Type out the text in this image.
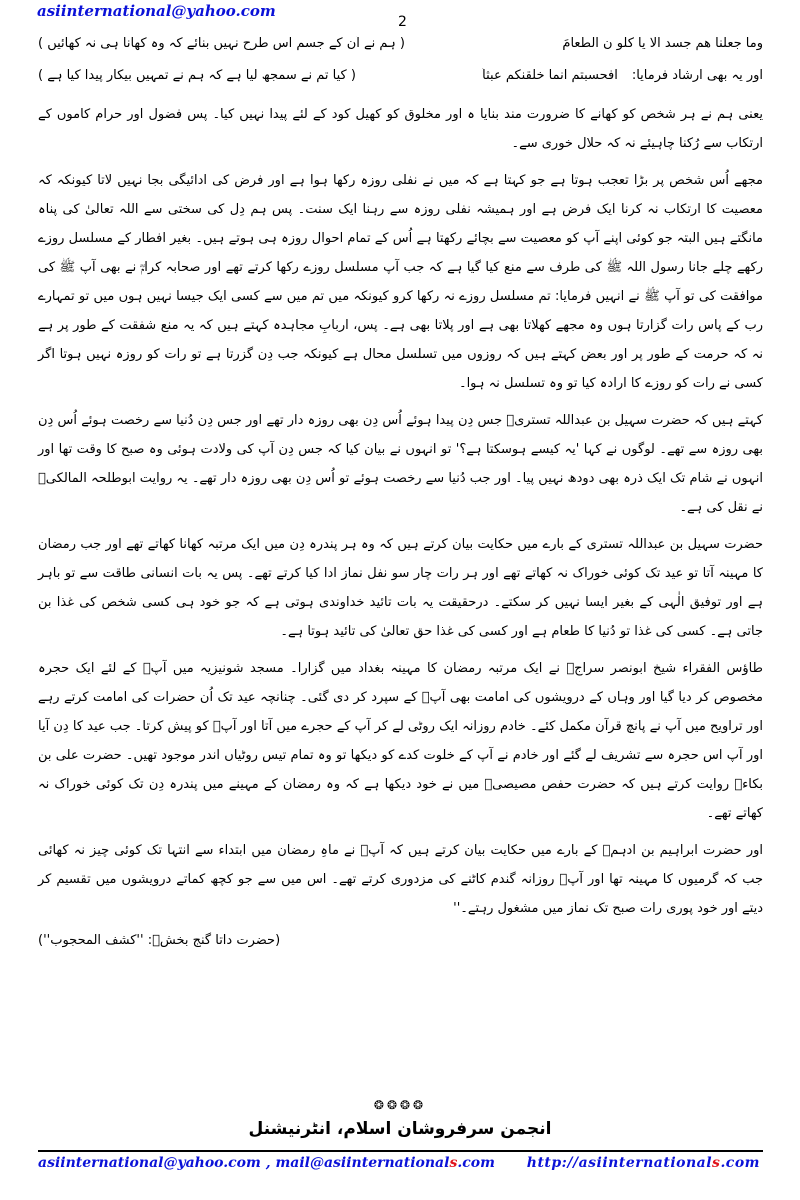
asiinternational@yahoo.com
2
( ہم نے اُن کے جسم اس طرح نہیں بنائے کہ وہ کھانا ہی نہ کھائیں )	وما جعلنا هم جسد الا یا کلو ن الطعامَ
( کیا تم نے سمجھ لیا ہے کہ ہم نے تمہیں بیکار پیدا کیا ہے )	افحسبتم انما خلقنکم عبثاً اور یہ بھی ارشاد فرمایا:

یعنی ہم نے ہر شخص کو کھانے کا ضرورت مند بنایا ہ اور مخلوق کو کھیل کود کے لئے پیدا نہیں کیا۔ پس فضول اور حرام کاموں کے ارتکاب سے رُکنا چاہیئے نہ کہ حلال خوری سے۔

مجھے اُس شخص پر بڑا تعجب ہوتا ہے جو کہتا ہے کہ میں نے نفلی روزہ رکھا ہوا ہے اور فرض کی ادائیگی بجا نہیں لاتا کیونکہ کہ معصیت کا ارتکاب نہ کرنا ایک فرض ہے اور ہمیشہ نفلی روزہ سے رہنا ایک سنت۔ پس ہم دِل کی سختی سے اللہ تعالیٰ کی پناہ مانگتے ہیں البتہ جو کوئی اپنے آپ کو معصیت سے بچائے رکھتا ہے اُس کے تمام احوال روزہ ہی ہوتے ہیں۔ بغیر افطار کے مسلسل روزے رکھے چلے جانا رسول اللہ ﷺ کی طرف سے منع کیا گیا ہے کہ جب آپ مسلسل روزے رکھا کرتے تھے اور صحابہ کرامؓ نے بھی آپ ﷺ کی موافقت کی تو آپ ﷺ نے انہیں فرمایا: تم مسلسل روزے نہ رکھا کرو کیونکہ میں تم میں سے کسی ایک جیسا نہیں ہوں میں تو تمہارے رب کے پاس رات گزارتا ہوں وہ مجھے کھلاتا بھی ہے اور پلاتا بھی ہے۔ پس، اربابِ مجاہدہ کہتے ہیں کہ یہ منع شفقت کے طور پر ہے نہ کہ حرمت کے طور پر اور بعض کہتے ہیں کہ روزوں میں تسلسل محال ہے کیونکہ جب دِن گزرتا ہے تو رات کو روزہ نہیں ہوتا اگر کسی نے رات کو روزے کا ارادہ کیا تو وہ تسلسل نہ ہوا۔

کہتے ہیں کہ حضرت سہیل بن عبداللہ تستریؒ جس دِن پیدا ہوئے اُس دِن بھی روزہ دار تھے اور جس دِن دُنیا سے رخصت ہوئے اُس دِن بھی روزہ سے تھے۔ لوگوں نے کہا 'یہ کیسے ہوسکتا ہے؟' تو انہوں نے بیان کیا کہ جس دِن آپ کی ولادت ہوئی وہ صبح کا وقت تھا اور انہوں نے شام تک ایک ذرہ بھی دودھ نہیں پیا۔ اور جب دُنیا سے رخصت ہوئے تو اُس دِن بھی روزہ دار تھے۔ یہ روایت ابوطلحہ المالکیؒ نے نقل کی ہے۔

حضرت سہیل بن عبداللہ تستری کے بارے میں حکایت بیان کرتے ہیں کہ وہ ہر پندرہ دِن میں ایک مرتبہ کھانا کھاتے تھے اور جب رمضان کا مہینہ آتا تو عید تک کوئی خوراک نہ کھاتے تھے اور ہر رات چار سو نفل نماز ادا کیا کرتے تھے۔ پس یہ بات انسانی طاقت سے تو باہر ہے اور توفیق الٰہی کے بغیر ایسا نہیں کر سکتے۔ درحقیقت یہ بات تائید خداوندی ہوتی ہے کہ جو خود ہی کسی شخص کی غذا بن جاتی ہے۔ کسی کی غذا تو دُنیا کا طعام ہے اور کسی کی غذا حق تعالیٰ کی تائید ہوتا ہے۔

طاؤس الفقراء شیخ ابونصر سراجؒ نے ایک مرتبہ رمضان کا مہینہ بغداد میں گزارا۔ مسجد شونیزیہ میں آپؒ کے لئے ایک حجرہ مخصوص کر دیا گیا اور وہاں کے درویشوں کی امامت بھی آپؒ کے سپرد کر دی گئی۔ چنانچہ عید تک اُن حضرات کی امامت کرتے رہے اور تراویح میں آپ نے پانچ قرآن مکمل کئے۔ خادم روزانہ ایک روٹی لے کر آپ کے حجرے میں آتا اور آپؒ کو پیش کرتا۔ جب عید کا دِن آیا اور آپ اس حجرہ سے تشریف لے گئے اور خادم نے آپ کے خلوت کدے کو دیکھا تو وہ تمام تیس روٹیاں اندر موجود تھیں۔ حضرت علی بن بکاءؒ روایت کرتے ہیں کہ حضرت حفص مصیصیؒ میں نے خود دیکھا ہے کہ وہ رمضان کے مہینے میں پندرہ دِن تک کوئی خوراک نہ کھاتے تھے۔

اور حضرت ابراہیم بن ادہمؒ کے بارے میں حکایت بیان کرتے ہیں کہ آپؒ نے ماہِ رمضان میں ابتداء سے انتہا تک کوئی چیز نہ کھائی جب کہ گرمیوں کا مہینہ تھا اور آپؒ روزانہ گندم کاٹنے کی مزدوری کرتے تھے۔ اس میں سے جو کچھ کماتے درویشوں میں تقسیم کر دیتے اور خود پوری رات صبح تک نماز میں مشغول رہتے۔''

(حضرت داتا گنج بخشؒ: ''کشف المحجوب'')
❂❂❂❂
انجمن سرفروشان اسلام، انٹرنیشنل
asiinternational@yahoo.com , mail@asiinternationals.com http://asiinternationals.com
